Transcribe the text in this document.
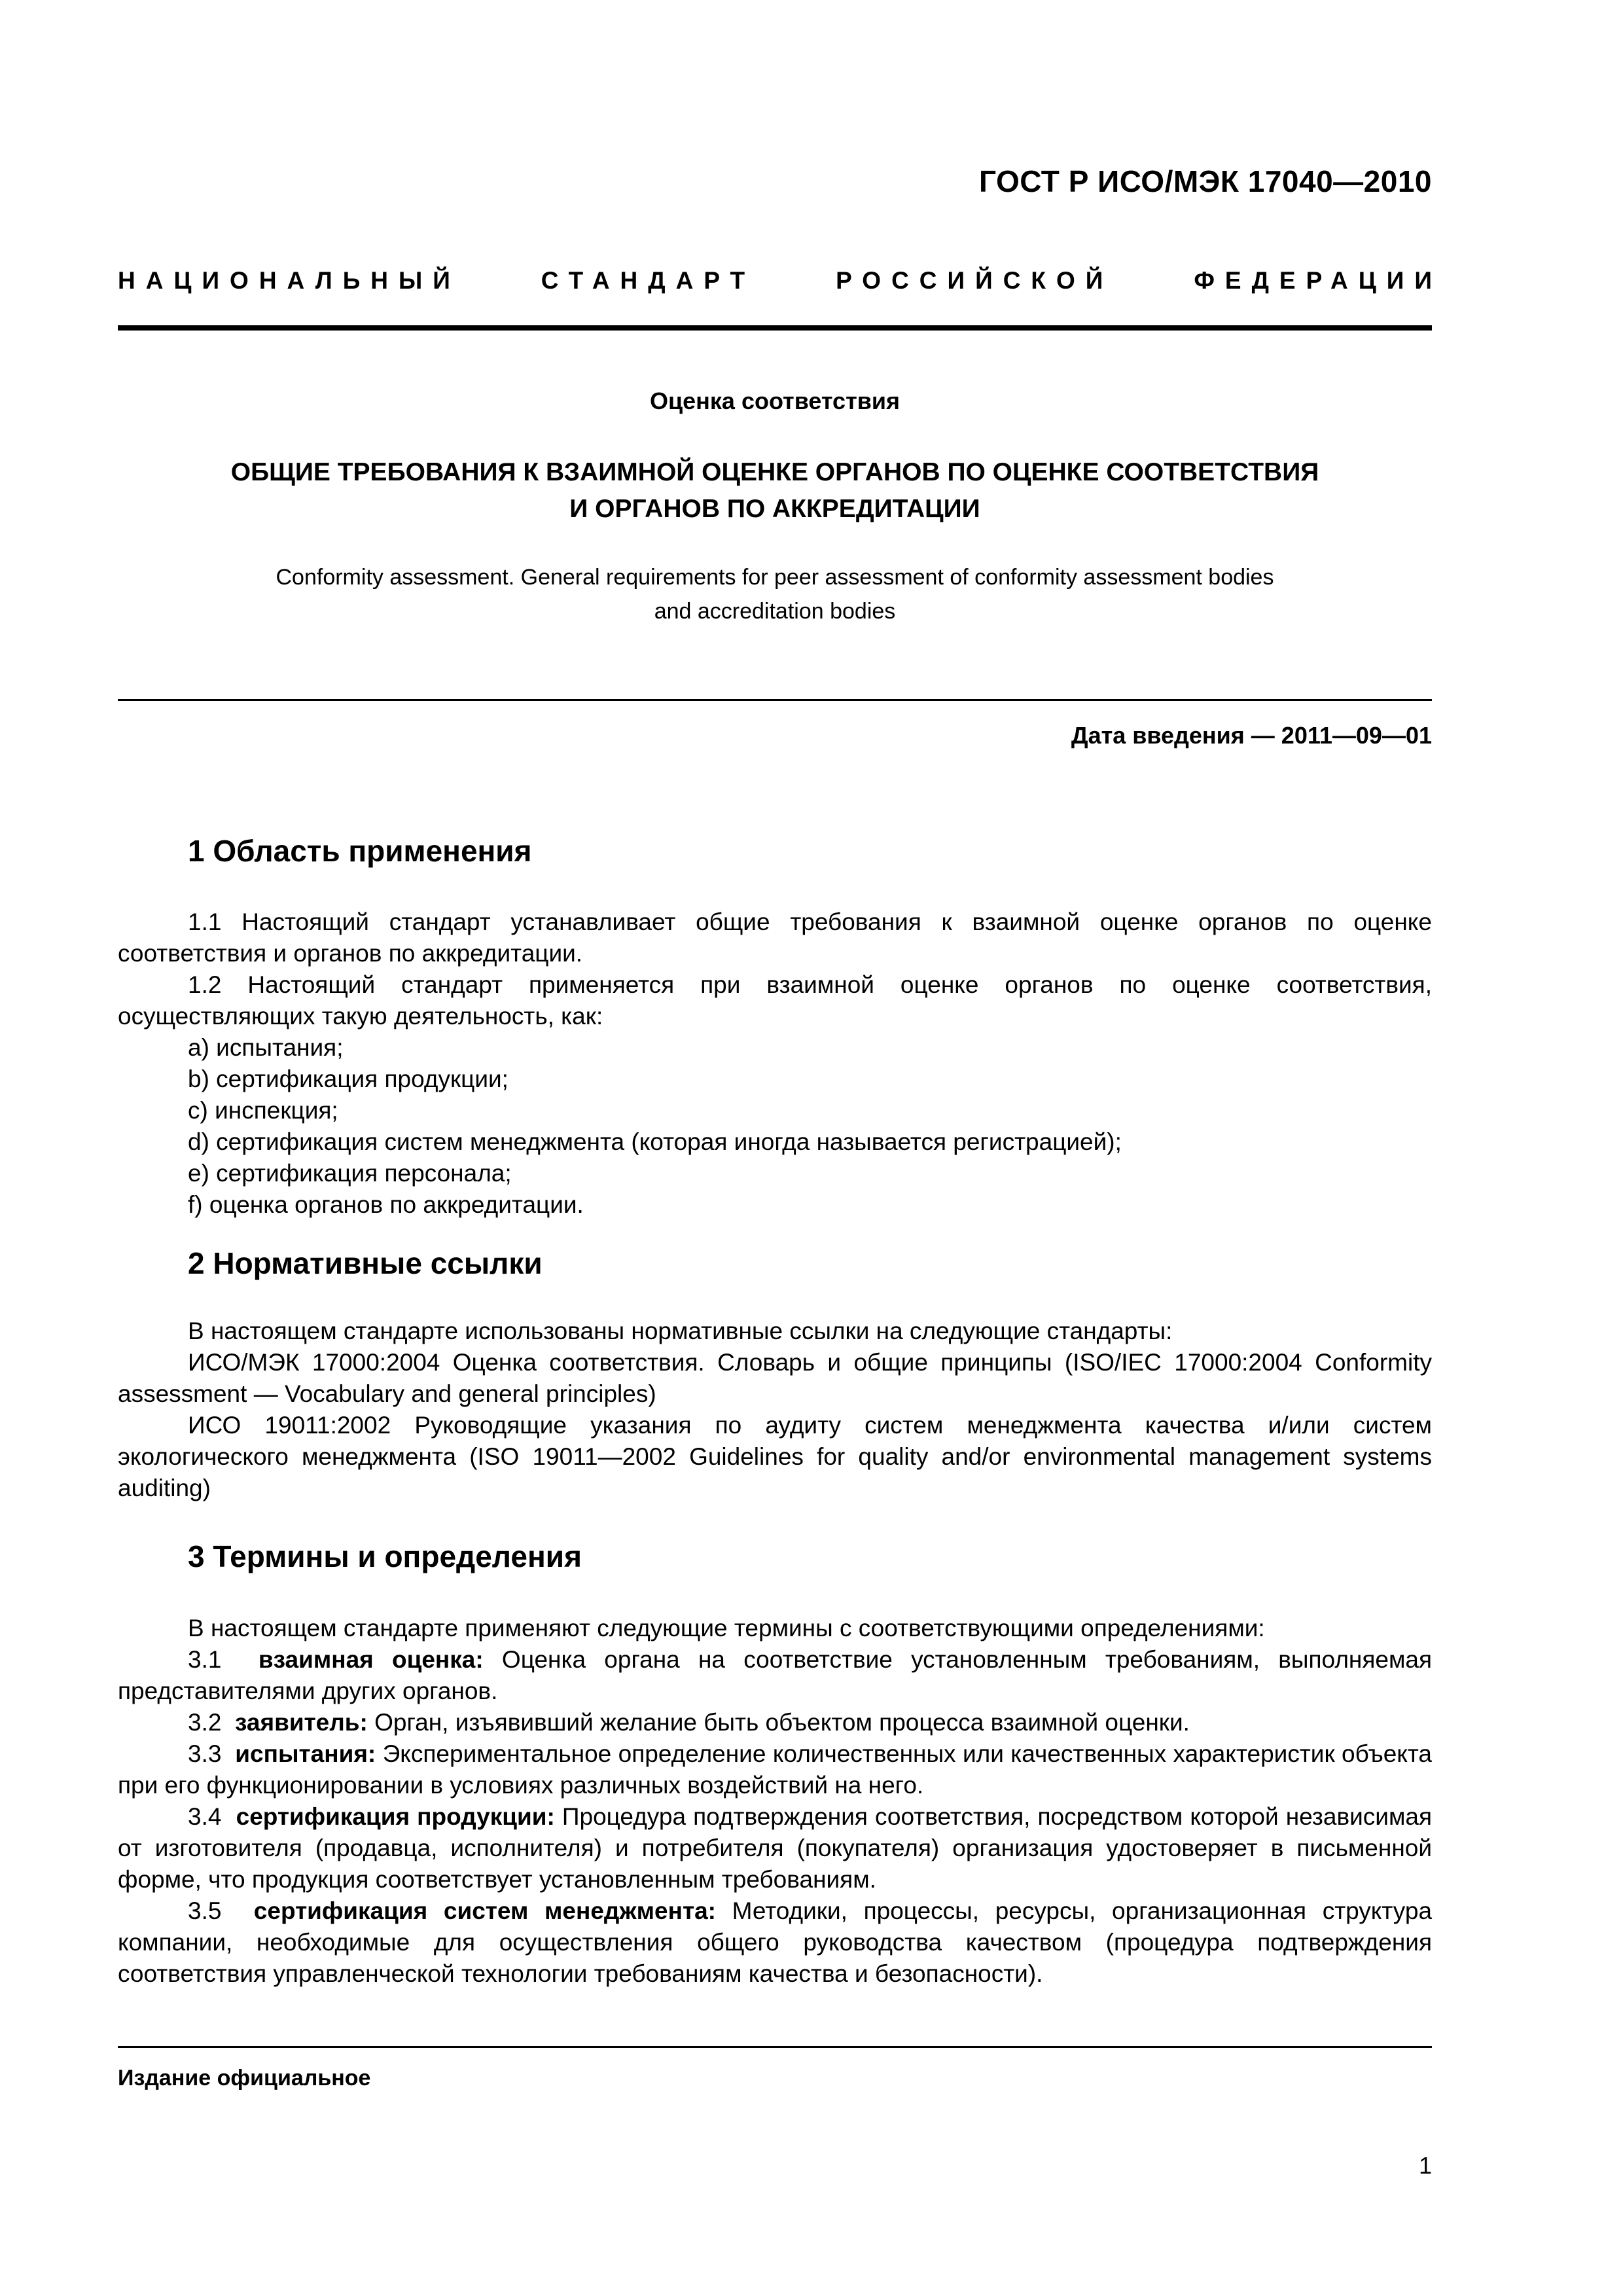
ГОСТ Р ИСО/МЭК 17040—2010
НАЦИОНАЛЬНЫЙ	СТАНДАРТ	РОССИЙСКОЙ	ФЕДЕРАЦИИ
Оценка соответствия
ОБЩИЕ ТРЕБОВАНИЯ К ВЗАИМНОЙ ОЦЕНКЕ ОРГАНОВ ПО ОЦЕНКЕ СООТВЕТСТВИЯ
И ОРГАНОВ ПО АККРЕДИТАЦИИ
Conformity assessment. General requirements for peer assessment of conformity assessment bodies
and accreditation bodies
Дата введения — 2011—09—01
1 Область применения

1.1 Настоящий стандарт устанавливает общие требования к взаимной оценке органов по оценке соответствия и органов по аккредитации.

1.2 Настоящий стандарт применяется при взаимной оценке органов по оценке соответствия, осуществляющих такую деятельность, как:

a) испытания;

b) сертификация продукции;

c) инспекция;

d) сертификация систем менеджмента (которая иногда называется регистрацией);

e) сертификация персонала;

f) оценка органов по аккредитации.

2 Нормативные ссылки

В настоящем стандарте использованы нормативные ссылки на следующие стандарты:

ИСО/МЭК 17000:2004 Оценка соответствия. Словарь и общие принципы (ISO/IEC 17000:2004 Conformity assessment — Vocabulary and general principles)

ИСО 19011:2002 Руководящие указания по аудиту систем менеджмента качества и/или систем экологического менеджмента (ISO 19011—2002 Guidelines for quality and/or environmental management systems auditing)

3 Термины и определения

В настоящем стандарте применяют следующие термины с соответствующими определениями:

3.1 взаимная оценка: Оценка органа на соответствие установленным требованиям, выполняемая представителями других органов.

3.2 заявитель: Орган, изъявивший желание быть объектом процесса взаимной оценки.

3.3 испытания: Экспериментальное определение количественных или качественных характеристик объекта при его функционировании в условиях различных воздействий на него.

3.4 сертификация продукции: Процедура подтверждения соответствия, посредством которой независимая от изготовителя (продавца, исполнителя) и потребителя (покупателя) организация удостоверяет в письменной форме, что продукция соответствует установленным требованиям.

3.5 сертификация систем менеджмента: Методики, процессы, ресурсы, организационная структура компании, необходимые для осуществления общего руководства качеством (процедура подтверждения соответствия управленческой технологии требованиям качества и безопасности).

Издание официальное
1
